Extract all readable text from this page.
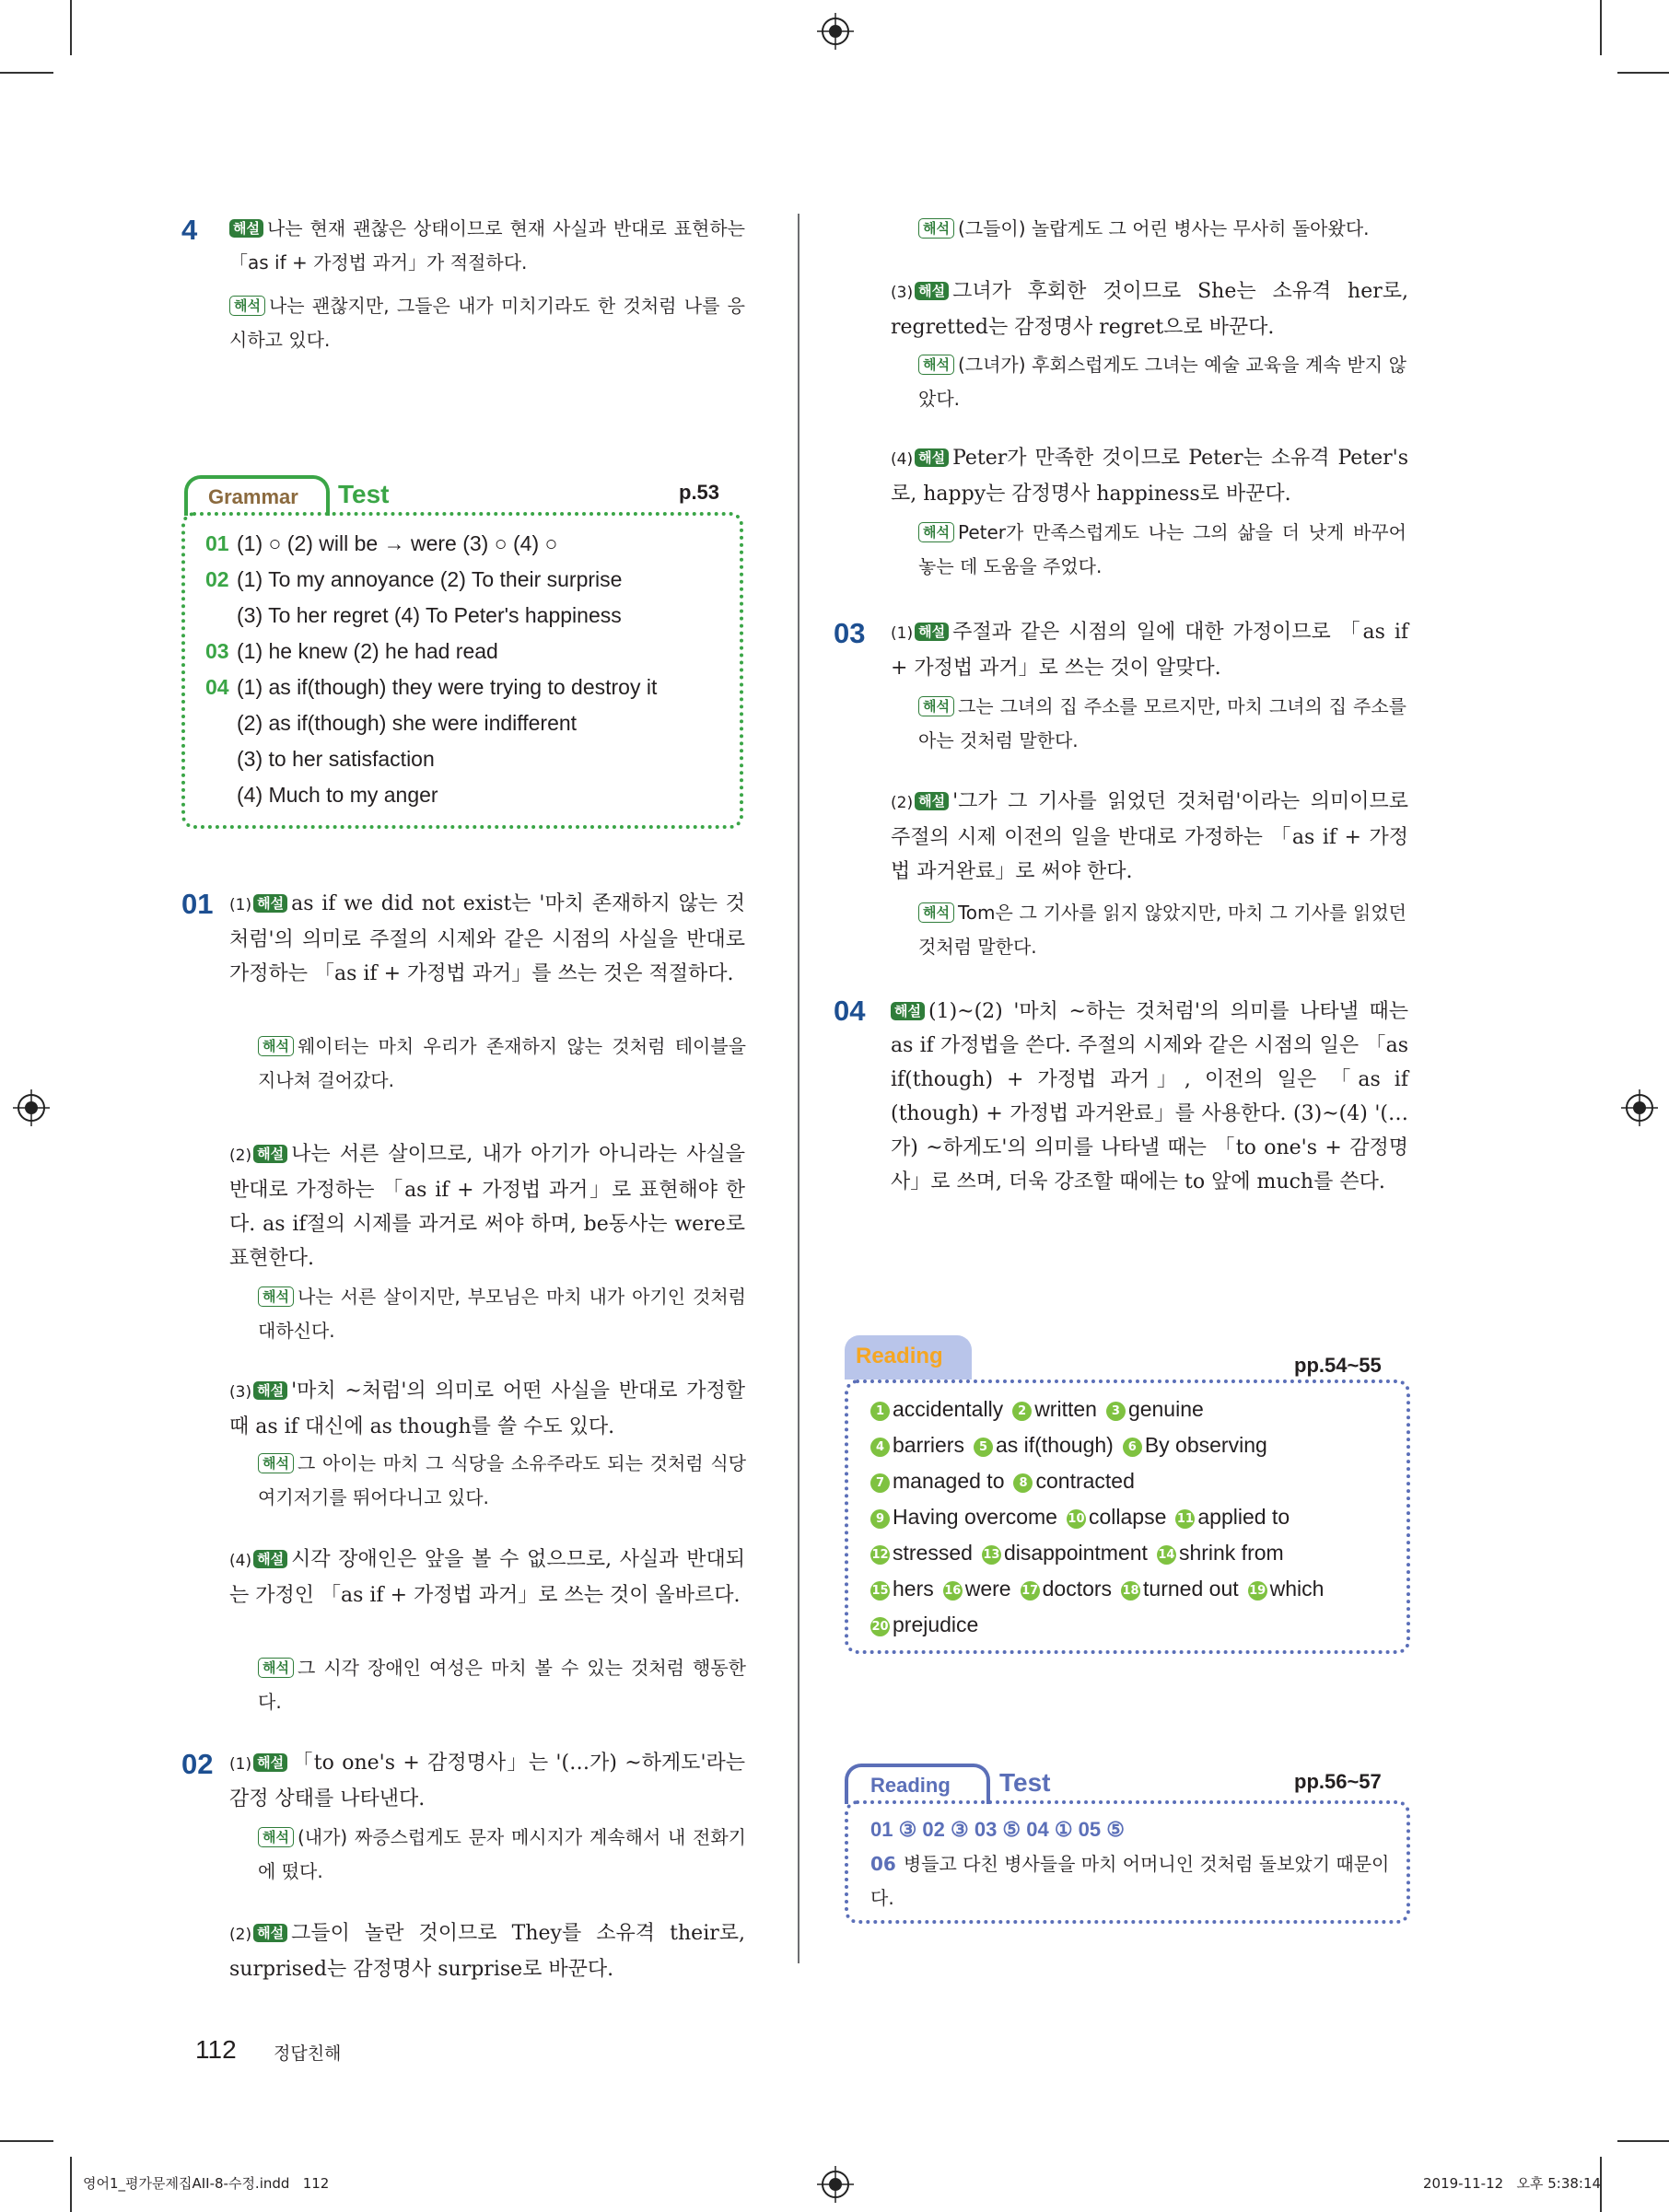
4	해설 나는 현재 괜찮은 상태이므로 현재 사실과 반대로 표현하는 「as if + 가정법 과거」가 적절하다.
해석 나는 괜찮지만, 그들은 내가 미치기라도 한 것처럼 나를 응시하고 있다.
Grammar Test	p.53
01 (1) ○ (2) will be → were (3) ○ (4) ○
02 (1) To my annoyance (2) To their surprise
(3) To her regret (4) To Peter's happiness
03 (1) he knew (2) he had read
04 (1) as if(though) they were trying to destroy it
(2) as if(though) she were indifferent
(3) to her satisfaction
(4) Much to my anger
01 (1) 해설 as if we did not exist는 '마치 존재하지 않는 것처럼'의 의미로 주절의 시제와 같은 시점의 사실을 반대로 가정하는 「as if + 가정법 과거」를 쓰는 것은 적절하다.
해석 웨이터는 마치 우리가 존재하지 않는 것처럼 테이블을 지나쳐 걸어갔다.
(2) 해설 나는 서른 살이므로, 내가 아기가 아니라는 사실을 반대로 가정하는 「as if + 가정법 과거」로 표현해야 한다. as if절의 시제를 과거로 써야 하며, be동사는 were로 표현한다.
해석 나는 서른 살이지만, 부모님은 마치 내가 아기인 것처럼 대하신다.
(3) 해설 '마치 ~처럼'의 의미로 어떤 사실을 반대로 가정할 때 as if 대신에 as though를 쓸 수도 있다.
해석 그 아이는 마치 그 식당을 소유주라도 되는 것처럼 식당 여기저기를 뛰어다니고 있다.
(4) 해설 시각 장애인은 앞을 볼 수 없으므로, 사실과 반대되는 가정인 「as if + 가정법 과거」로 쓰는 것이 올바르다.
해석 그 시각 장애인 여성은 마치 볼 수 있는 것처럼 행동한다.
02 (1) 해설 「to one's + 감정명사」는 '(…가) ~하게도'라는 감정 상태를 나타낸다.
해석 (내가) 짜증스럽게도 문자 메시지가 계속해서 내 전화기에 떴다.
(2) 해설 그들이 놀란 것이므로 They를 소유격 their로, surprised는 감정명사 surprise로 바꾼다.
해석 (그들이) 놀랍게도 그 어린 병사는 무사히 돌아왔다.
(3) 해설 그녀가 후회한 것이므로 She는 소유격 her로, regretted는 감정명사 regret으로 바꾼다.
해석 (그녀가) 후회스럽게도 그녀는 예술 교육을 계속 받지 않았다.
(4) 해설 Peter가 만족한 것이므로 Peter는 소유격 Peter's로, happy는 감정명사 happiness로 바꾼다.
해석 Peter가 만족스럽게도 나는 그의 삶을 더 낫게 바꾸어 놓는 데 도움을 주었다.
03 (1) 해설 주절과 같은 시점의 일에 대한 가정이므로 「as if + 가정법 과거」로 쓰는 것이 알맞다.
해석 그는 그녀의 집 주소를 모르지만, 마치 그녀의 집 주소를 아는 것처럼 말한다.
(2) 해설 '그가 그 기사를 읽었던 것처럼'이라는 의미이므로 주절의 시제 이전의 일을 반대로 가정하는 「as if + 가정법 과거완료」로 써야 한다.
해석 Tom은 그 기사를 읽지 않았지만, 마치 그 기사를 읽었던 것처럼 말한다.
04 해설 (1)~(2) '마치 ~하는 것처럼'의 의미를 나타낼 때는 as if 가정법을 쓴다. 주절의 시제와 같은 시점의 일은 「as if(though) + 가정법 과거」, 이전의 일은 「as if (though) + 가정법 과거완료」를 사용한다. (3)~(4) '(…가) ~하게도'의 의미를 나타낼 때는 「to one's + 감정명사」로 쓰며, 더욱 강조할 때에는 to 앞에 much를 쓴다.
Reading	pp.54~55
1 accidentally 2 written 3 genuine
4 barriers 5 as if(though) 6 By observing
7 managed to 8 contracted
9 Having overcome 10 collapse 11 applied to
12 stressed 13 disappointment 14 shrink from
15 hers 16 were 17 doctors 18 turned out 19 which
20 prejudice
Reading Test	pp.56~57
01 ③ 02 ③ 03 ⑤ 04 ① 05 ⑤
06 병들고 다친 병사들을 마치 어머니인 것처럼 돌보았기 때문이다.
112 정답친해
영어1_평가문제집AII-8-수정.indd   112	2019-11-12   오후 5:38:14
